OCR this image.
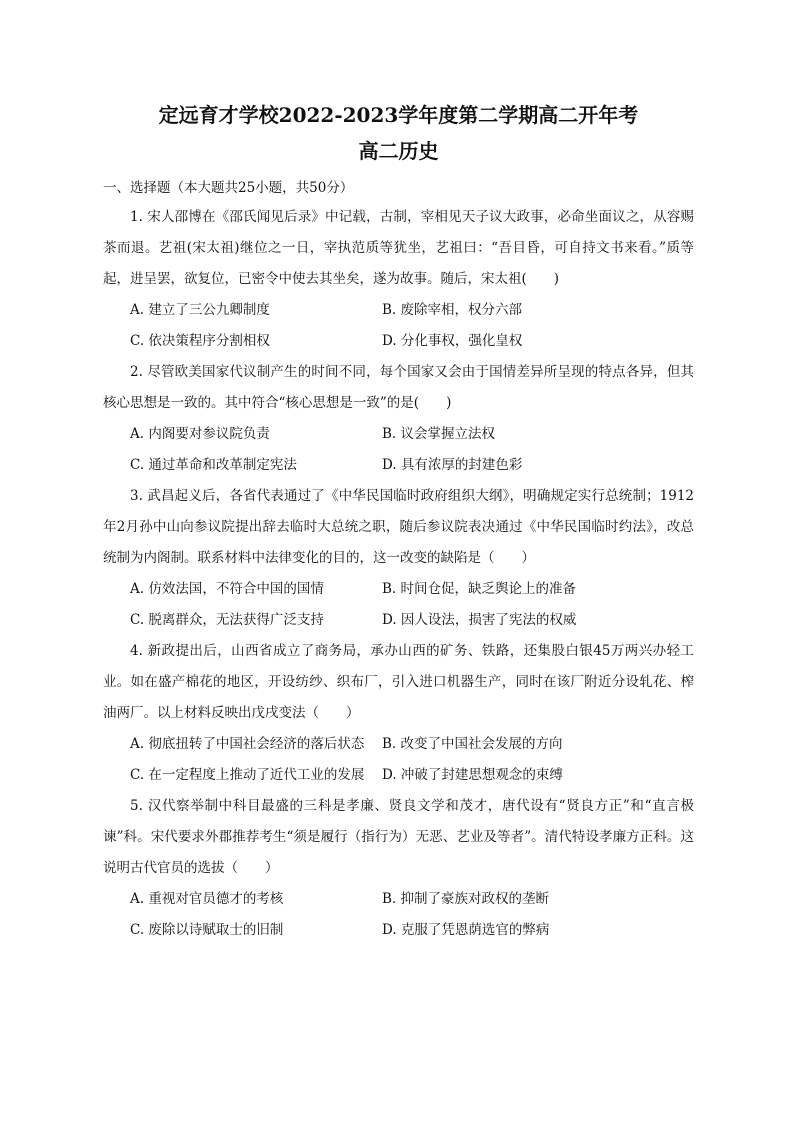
定远育才学校2022-2023学年度第二学期高二开年考
高二历史
一、选择题（本大题共25小题，共50分）

1. 宋人邵博在《邵氏闻见后录》中记载，古制，宰相见天子议大政事，必命坐面议之，从容赐茶而退。艺祖(宋太祖)继位之一日，宰执范质等犹坐，艺祖曰：“吾目昏，可自持文书来看。”质等起，进呈罢，欲复位，已密令中使去其坐矣，遂为故事。随后，宋太祖(　　)

A. 建立了三公九卿制度	B. 废除宰相，权分六部
C. 依决策程序分割相权	D. 分化事权，强化皇权

2. 尽管欧美国家代议制产生的时间不同，每个国家又会由于国情差异所呈现的特点各异，但其核心思想是一致的。其中符合“核心思想是一致”的是(　　)

A. 内阁要对参议院负责	B. 议会掌握立法权
C. 通过革命和改革制定宪法	D. 具有浓厚的封建色彩

3. 武昌起义后，各省代表通过了《中华民国临时政府组织大纲》，明确规定实行总统制；1912年2月孙中山向参议院提出辞去临时大总统之职，随后参议院表决通过《中华民国临时约法》，改总统制为内阁制。联系材料中法律变化的目的，这一改变的缺陷是（　　）

A. 仿效法国，不符合中国的国情	B. 时间仓促，缺乏舆论上的准备
C. 脱离群众，无法获得广泛支持	D. 因人设法，损害了宪法的权威

4. 新政提出后，山西省成立了商务局，承办山西的矿务、铁路，还集股白银45万两兴办轻工业。如在盛产棉花的地区，开设纺纱、织布厂，引入进口机器生产，同时在该厂附近分设轧花、榨油两厂。以上材料反映出戊戌变法（　　）

A. 彻底扭转了中国社会经济的落后状态	B. 改变了中国社会发展的方向
C. 在一定程度上推动了近代工业的发展	D. 冲破了封建思想观念的束缚

5. 汉代察举制中科目最盛的三科是孝廉、贤良文学和茂才，唐代设有“贤良方正”和“直言极谏”科。宋代要求外郡推荐考生“须是履行（指行为）无恶、艺业及等者”。清代特设孝廉方正科。这说明古代官员的选拔（　　）

A. 重视对官员德才的考核	B. 抑制了豪族对政权的垄断
C. 废除以诗赋取士的旧制	D. 克服了凭恩荫选官的弊病
